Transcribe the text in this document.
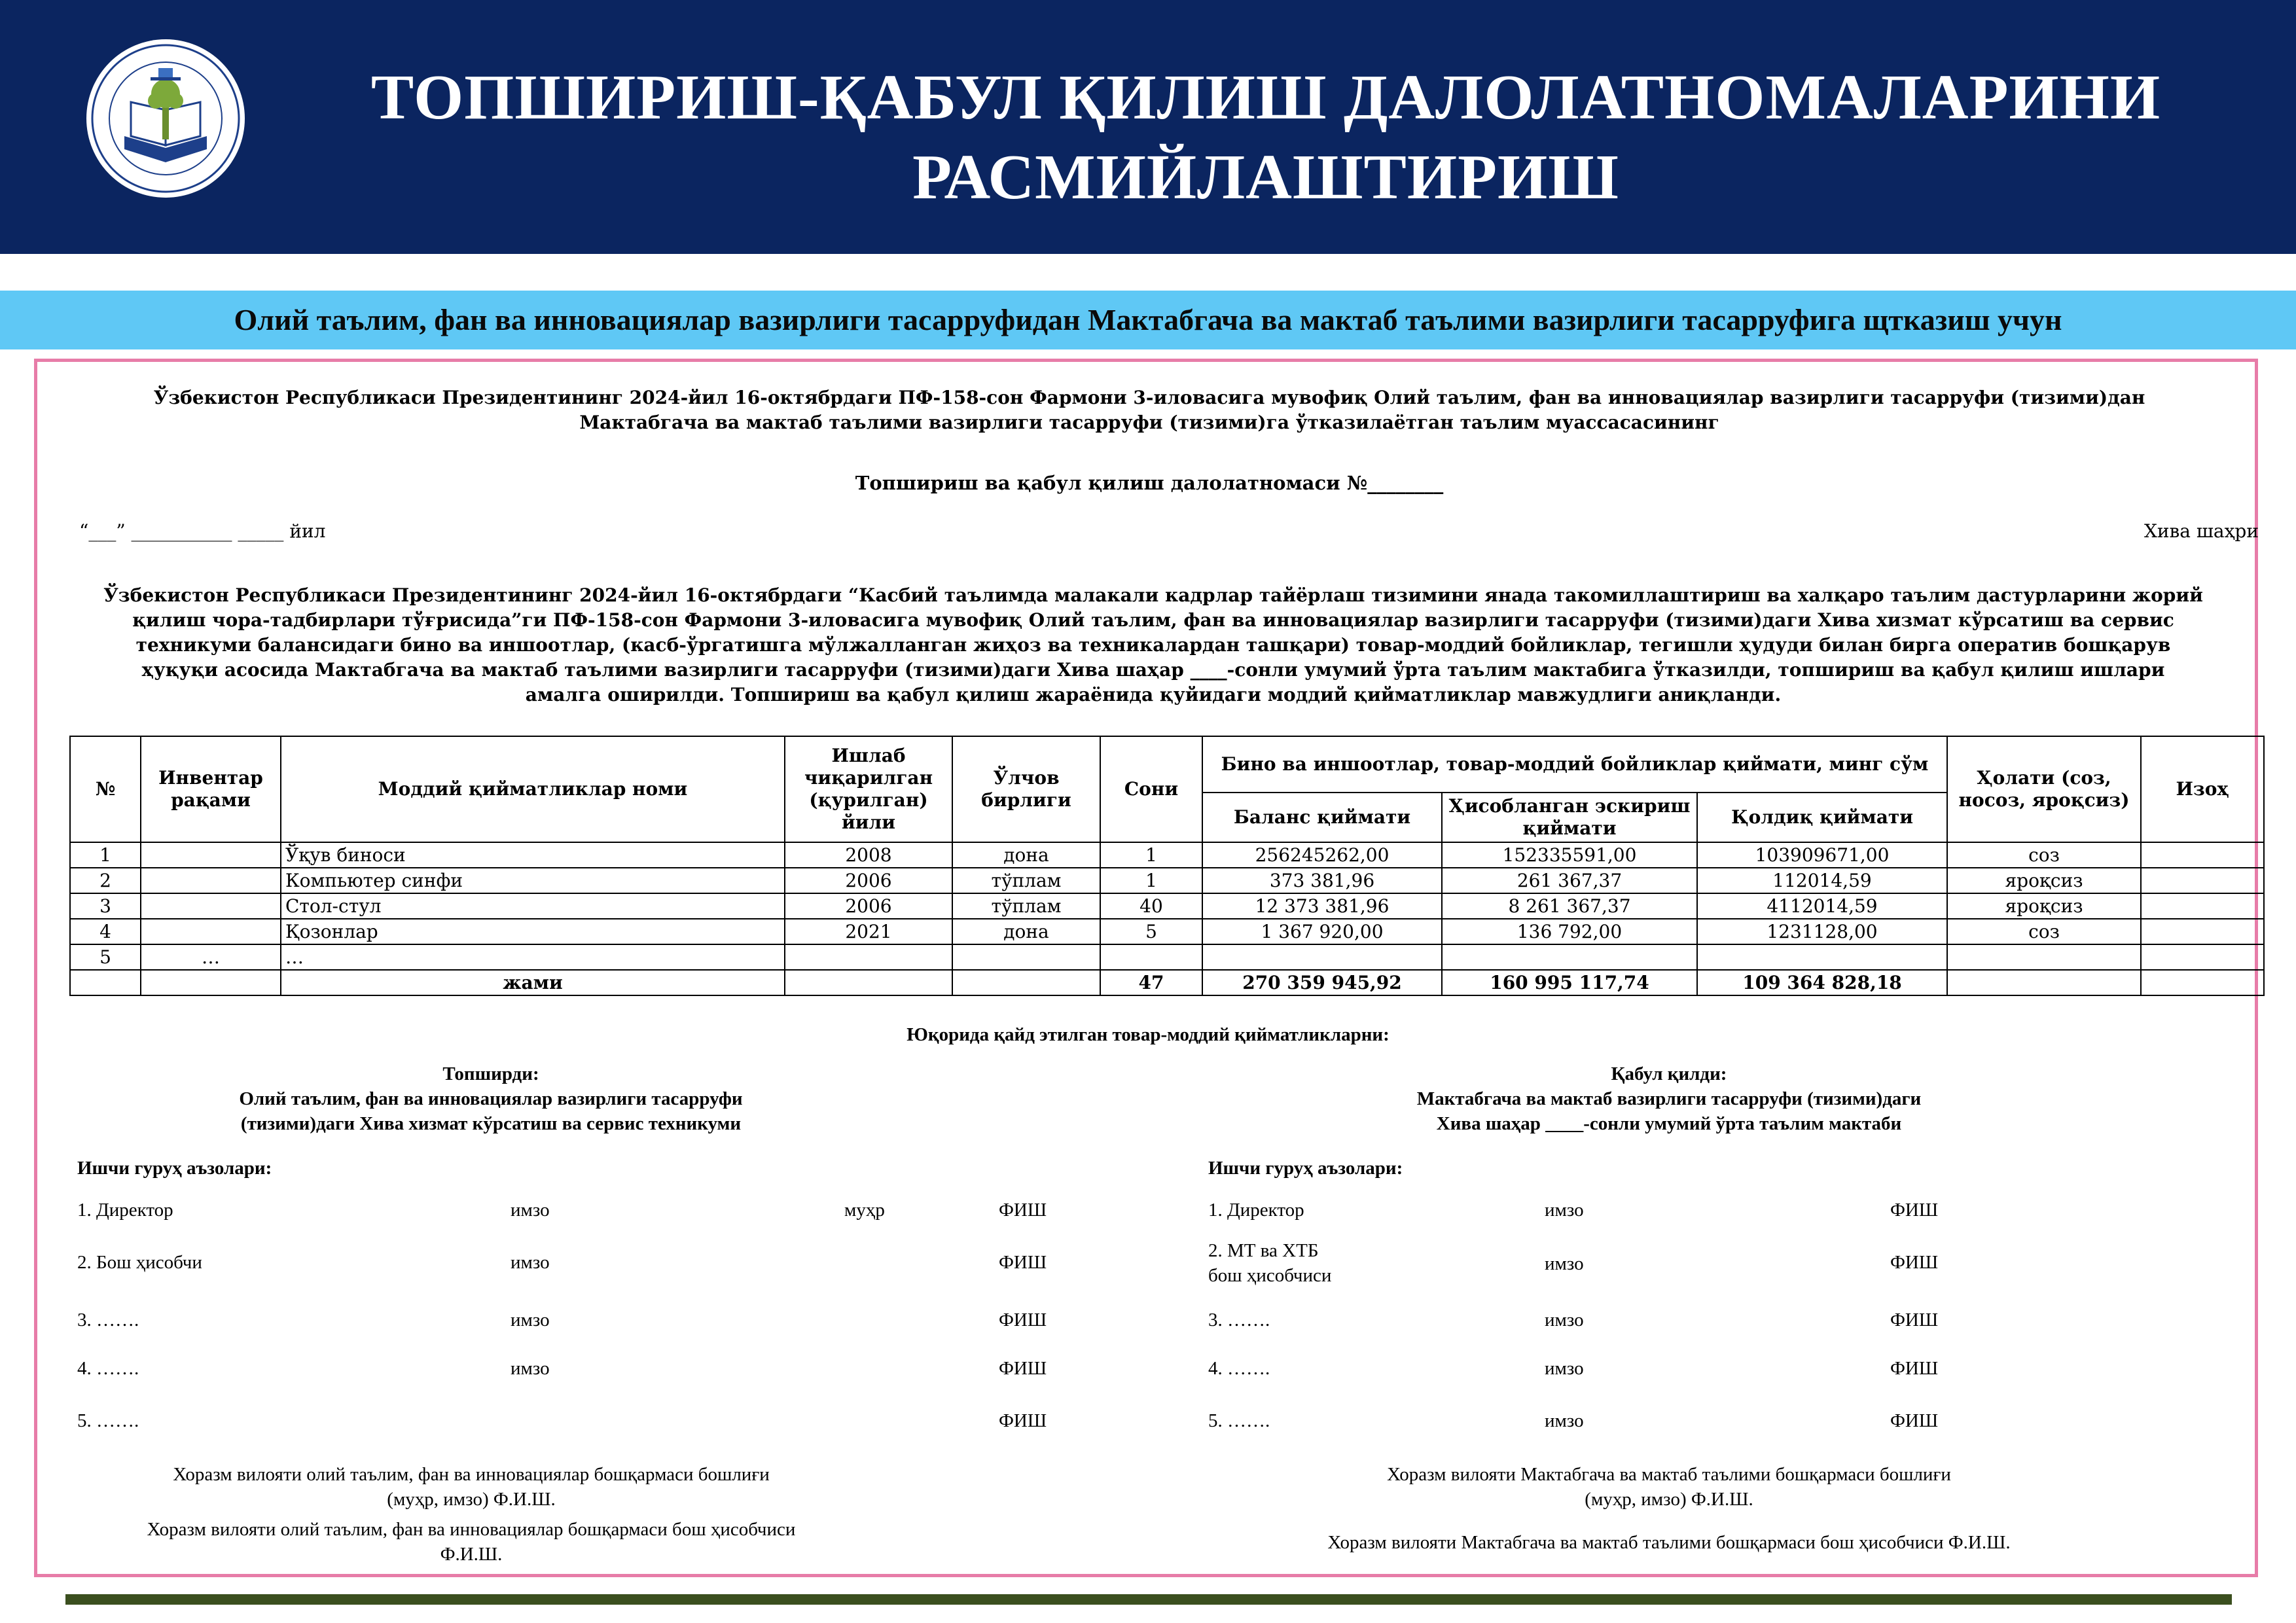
ТОПШИРИШ-ҚАБУЛ ҚИЛИШ ДАЛОЛАТНОМАЛАРИНИ
РАСМИЙЛАШТИРИШ
Олий таълим, фан ва инновациялар вазирлиги тасарруфидан Мактабгача ва мактаб таълими вазирлиги тасарруфига щтказиш учун
Ўзбекистон Республикаси Президентининг 2024-йил 16-октябрдаги ПФ-158-сон Фармони 3-иловасига мувофиқ Олий таълим, фан ва инновациялар вазирлиги тасарруфи (тизими)дан
Мактабгача ва мактаб таълими вазирлиги тасарруфи (тизими)га ўтказилаётган таълим муассасасининг
Топшириш ва қабул қилиш далолатномаси №________
“___” ___________ _____ йил	Хива шаҳри
Ўзбекистон Республикаси Президентининг 2024-йил 16-октябрдаги “Касбий таълимда малакали кадрлар тайёрлаш тизимини янада такомиллаштириш ва халқаро таълим дастурларини жорий
қилиш чора-тадбирлари тўғрисида”ги ПФ-158-сон Фармони 3-иловасига мувофиқ Олий таълим, фан ва инновациялар вазирлиги тасарруфи (тизими)даги Хива хизмат кўрсатиш ва сервис
техникуми балансидаги бино ва иншоотлар, (касб-ўргатишга мўлжалланган жиҳоз ва техникалардан ташқари) товар-моддий бойликлар, тегишли ҳудуди билан бирга оператив бошқарув
ҳуқуқи асосида Мактабгача ва мактаб таълими вазирлиги тасарруфи (тизими)даги Хива шаҳар ____-сонли умумий ўрта таълим мактабига ўтказилди, топшириш ва қабул қилиш ишлари
амалга оширилди. Топшириш ва қабул қилиш жараёнида қуйидаги моддий қийматликлар мавжудлиги аниқланди.
№	Инвентар рақами	Моддий қийматликлар номи	Ишлаб чиқарилган (қурилган) йили	Ўлчов бирлиги	Сони	Бино ва иншоотлар, товар-моддий бойликлар қиймати, минг сўм			Ҳолати (соз, носоз, яроқсиз)	Изоҳ
						Баланс қиймати	Ҳисобланган эскириш қиймати	Қолдиқ қиймати		
1		Ўқув биноси	2008	дона	1	256245262,00	152335591,00	103909671,00	соз	
2		Компьютер синфи	2006	тўплам	1	373 381,96	261 367,37	112014,59	яроқсиз	
3		Стол-стул	2006	тўплам	40	12 373 381,96	8 261 367,37	4112014,59	яроқсиз	
4		Қозонлар	2021	дона	5	1 367 920,00	136 792,00	1231128,00	соз	
5	…	…								
		жами			47	270 359 945,92	160 995 117,74	109 364 828,18		
Юқорида қайд этилган товар-моддий қийматликларни:
Топширди:
Олий таълим, фан ва инновациялар вазирлиги тасарруфи
(тизими)даги Хива хизмат кўрсатиш ва сервис техникуми
Қабул қилди:
Мактабгача ва мактаб вазирлиги тасарруфи (тизими)даги
Хива шаҳар ____-сонли умумий ўрта таълим мактаби
Ишчи гуруҳ аъзолари:	Ишчи гуруҳ аъзолари:
1. Директор	имзо	муҳр	ФИШ
2. Бош ҳисобчи	имзо	ФИШ
3. …….	имзо	ФИШ
4. …….	имзо	ФИШ
5. …….	ФИШ
1. Директор	имзо	ФИШ
2. МТ ва ХТБ
бош ҳисобчиси
имзо	ФИШ
3. …….	имзо	ФИШ
4. …….	имзо	ФИШ
5. …….	имзо	ФИШ
Хоразм вилояти олий таълим, фан ва инновациялар бошқармаси бошлиғи
(муҳр, имзо) Ф.И.Ш.
Хоразм вилояти олий таълим, фан ва инновациялар бошқармаси бош ҳисобчиси
Ф.И.Ш.
Хоразм вилояти Мактабгача ва мактаб таълими бошқармаси бошлиғи
(муҳр, имзо) Ф.И.Ш.
Хоразм вилояти Мактабгача ва мактаб таълими бошқармаси бош ҳисобчиси Ф.И.Ш.
